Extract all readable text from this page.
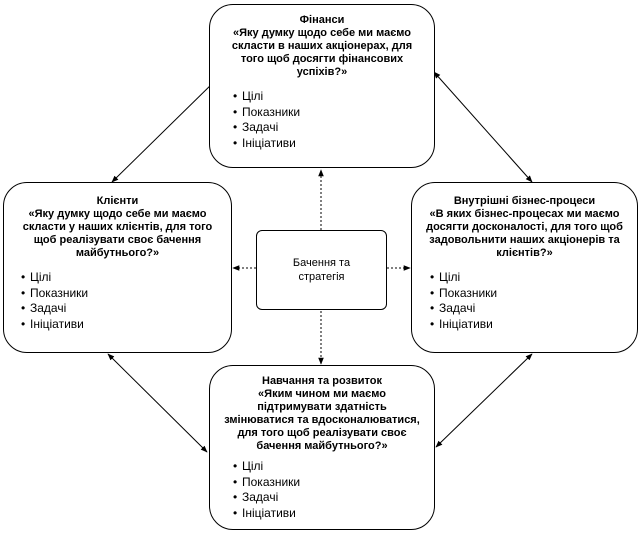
Фінанси
«Яку думку щодо себе ми маємо скласти в наших акціонерах, для того щоб досягти фінансових успіхів?»
• Цілі
• Показники
• Задачі
• Ініціативи
Клієнти
«Яку думку щодо себе ми маємо скласти у наших клієнтів, для того щоб реалізувати своє бачення майбутнього?»
• Цілі
• Показники
• Задачі
• Ініціативи
Бачення та стратегія
Внутрішні бізнес-процеси
«В яких бізнес-процесах ми маємо досягти досконалості, для того щоб задовольнити наших акціонерів та клієнтів?»
• Цілі
• Показники
• Задачі
• Ініціативи
Навчання та розвиток
«Яким чином ми маємо підтримувати здатність змінюватися та вдосконалюватися, для того щоб реалізувати своє бачення майбутнього?»
• Цілі
• Показники
• Задачі
• Ініціативи
